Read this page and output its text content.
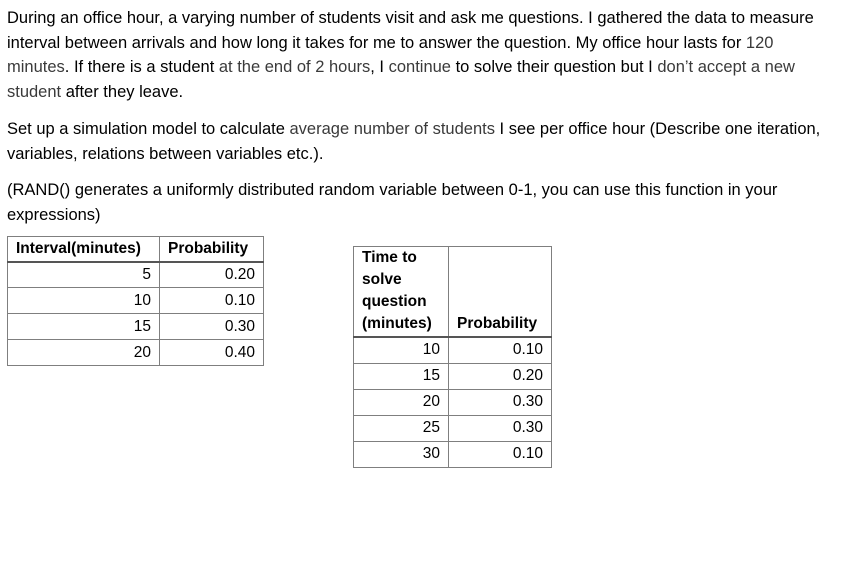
During an office hour, a varying number of students visit and ask me questions. I gathered the data to measure interval between arrivals and how long it takes for me to answer the question. My office hour lasts for 120 minutes. If there is a student at the end of 2 hours, I continue to solve their question but I don’t accept a new student after they leave.

Set up a simulation model to calculate average number of students I see per office hour (Describe one iteration, variables, relations between variables etc.).

(RAND() generates a uniformly distributed random variable between 0-1, you can use this function in your expressions)

Interval(minutes)	Probability
5	0.20
10	0.10
15	0.30
20	0.40
Time to solve question (minutes)	Probability
10	0.10
15	0.20
20	0.30
25	0.30
30	0.10
